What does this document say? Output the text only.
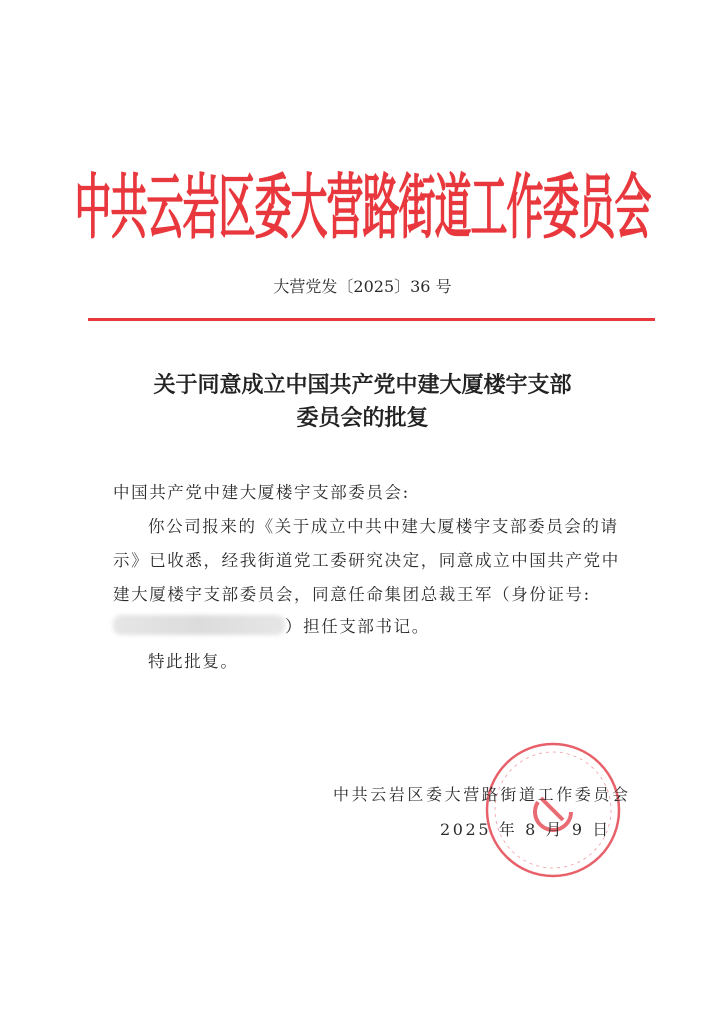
中共云岩区委大营路街道工作委员会
大营党发〔2025〕36 号
关于同意成立中国共产党中建大厦楼宇支部
委员会的批复
中国共产党中建大厦楼宇支部委员会:
你公司报来的《关于成立中共中建大厦楼宇支部委员会的请
示》已收悉，经我街道党工委研究决定，同意成立中国共产党中
建大厦楼宇支部委员会，同意任命集团总裁王军（身份证号:
）担任支部书记。
特此批复。
中共云岩区委大营路街道工作委员会
2025 年 8 月 9 日
